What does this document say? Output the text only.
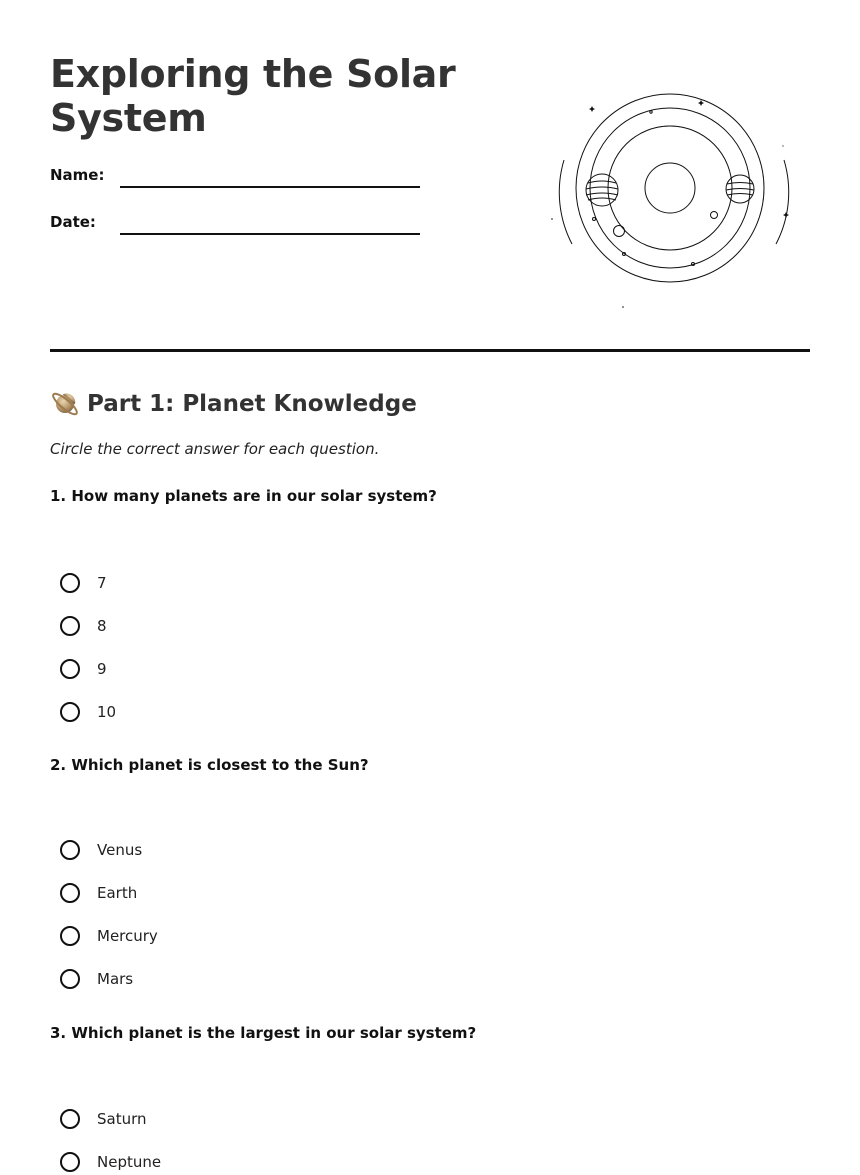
Exploring the Solar System
Name:
Date:
Part 1: Planet Knowledge
Circle the correct answer for each question.

1. How many planets are in our solar system?

7
8
9
10

2. Which planet is closest to the Sun?

Venus
Earth
Mercury
Mars

3. Which planet is the largest in our solar system?

Saturn
Neptune
